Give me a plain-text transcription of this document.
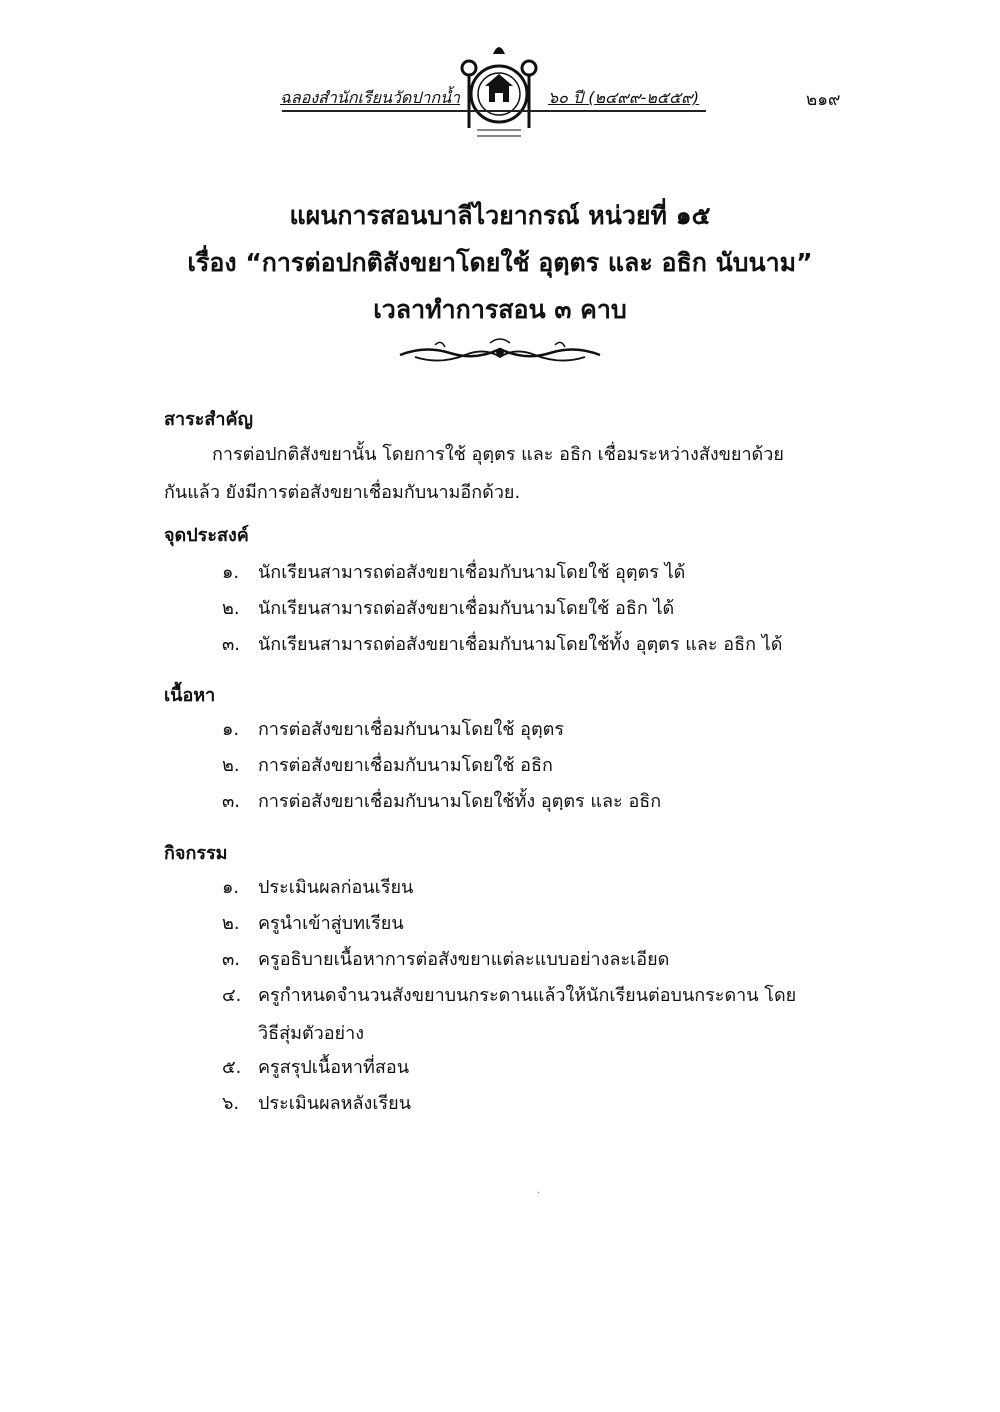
ฉลองสำนักเรียนวัดปากน้ำ	๖๐ ปี (๒๔๙๙-๒๕๕๙)	๒๑๙
แผนการสอนบาลีไวยากรณ์ หน่วยที่ ๑๕
เรื่อง “การต่อปกติสังขยาโดยใช้ อุตฺตร และ อธิก นับนาม”
เวลาทำการสอน ๓ คาบ
สาระสำคัญ
การต่อปกติสังขยานั้น โดยการใช้ อุตฺตร และ อธิก เชื่อมระหว่างสังขยาด้วย
กันแล้ว ยังมีการต่อสังขยาเชื่อมกับนามอีกด้วย.
จุดประสงค์
๑. นักเรียนสามารถต่อสังขยาเชื่อมกับนามโดยใช้ อุตฺตร ได้
๒. นักเรียนสามารถต่อสังขยาเชื่อมกับนามโดยใช้ อธิก ได้
๓. นักเรียนสามารถต่อสังขยาเชื่อมกับนามโดยใช้ทั้ง อุตฺตร และ อธิก ได้
เนื้อหา
๑. การต่อสังขยาเชื่อมกับนามโดยใช้ อุตฺตร
๒. การต่อสังขยาเชื่อมกับนามโดยใช้ อธิก
๓. การต่อสังขยาเชื่อมกับนามโดยใช้ทั้ง อุตฺตร และ อธิก
กิจกรรม
๑. ประเมินผลก่อนเรียน
๒. ครูนำเข้าสู่บทเรียน
๓. ครูอธิบายเนื้อหาการต่อสังขยาแต่ละแบบอย่างละเอียด
๔. ครูกำหนดจำนวนสังขยาบนกระดานแล้วให้นักเรียนต่อบนกระดาน โดย
วิธีสุ่มตัวอย่าง
๕. ครูสรุปเนื้อหาที่สอน
๖. ประเมินผลหลังเรียน
·
